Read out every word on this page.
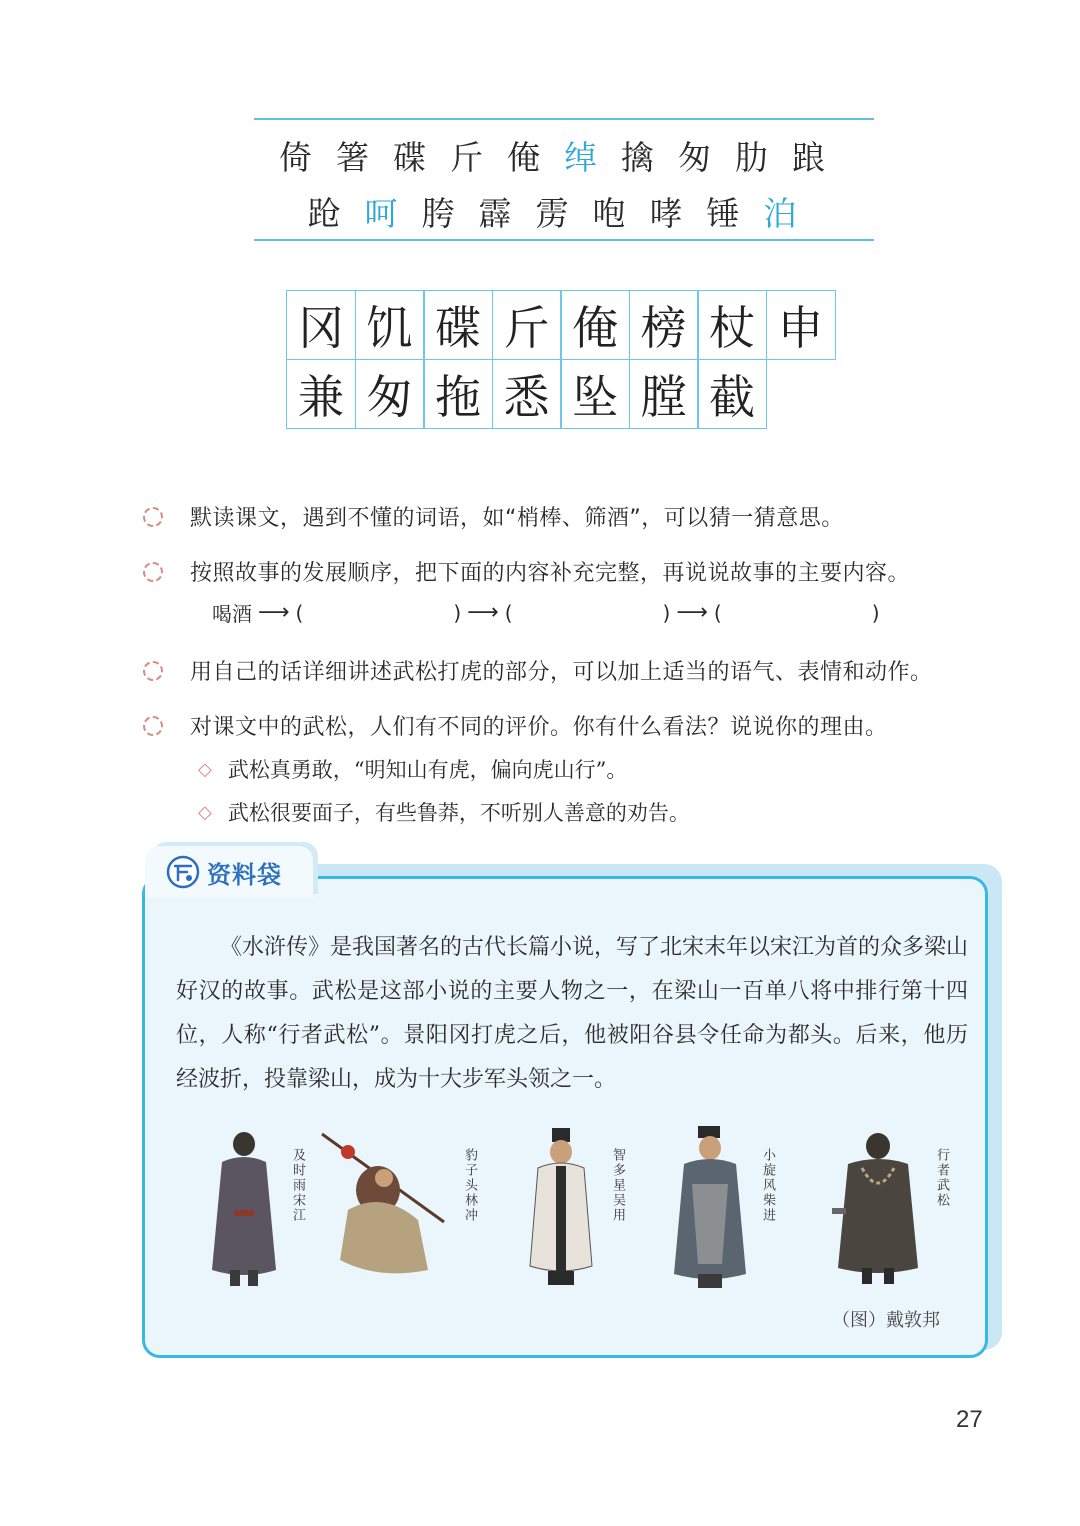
倚箸碟斤俺绰擒匆肋踉
跄呵胯霹雳咆哮锤泊
冈 饥 碟 斤 俺 榜 杖 申
兼 匆 拖 悉 坠 膛 截
默读课文，遇到不懂的词语，如“梢棒、筛酒”，可以猜一猜意思。
按照故事的发展顺序，把下面的内容补充完整，再说说故事的主要内容。
喝酒 ⟶ (	) ⟶ (	) ⟶ (	)
用自己的话详细讲述武松打虎的部分，可以加上适当的语气、表情和动作。
对课文中的武松，人们有不同的评价。你有什么看法？说说你的理由。
◇ 武松真勇敢，“明知山有虎，偏向虎山行”。
◇ 武松很要面子，有些鲁莽，不听别人善意的劝告。
资料袋
《水浒传》是我国著名的古代长篇小说，写了北宋末年以宋江为首的众多梁山好汉的故事。武松是这部小说的主要人物之一，在梁山一百单八将中排行第十四位，人称“行者武松”。景阳冈打虎之后，他被阳谷县令任命为都头。后来，他历经波折，投靠梁山，成为十大步军头领之一。
及时雨宋江	豹子头林冲	智多星吴用	小旋风柴进	行者武松
（图）戴敦邦
27
